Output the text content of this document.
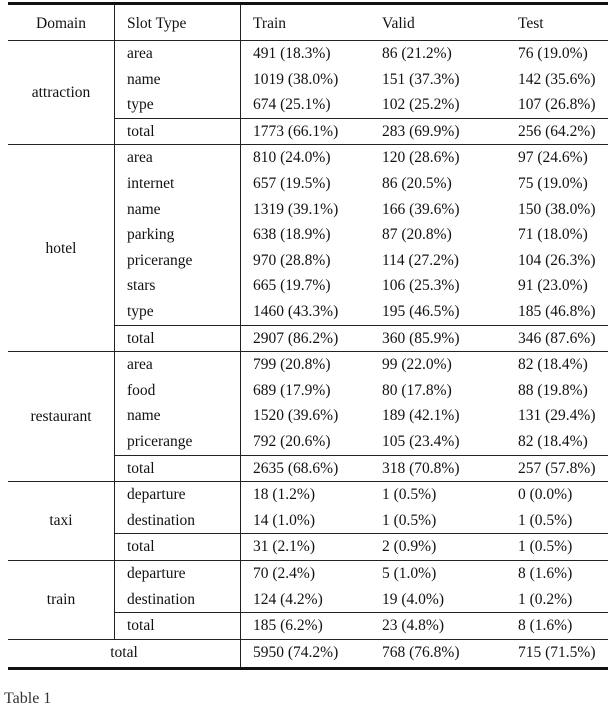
Domain	Slot Type	Train	Valid	Test
attraction	area	491 (18.3%)	86 (21.2%)	76 (19.0%)
	name	1019 (38.0%)	151 (37.3%)	142 (35.6%)
	type	674 (25.1%)	102 (25.2%)	107 (26.8%)
	total	1773 (66.1%)	283 (69.9%)	256 (64.2%)
hotel	area	810 (24.0%)	120 (28.6%)	97 (24.6%)
	internet	657 (19.5%)	86 (20.5%)	75 (19.0%)
	name	1319 (39.1%)	166 (39.6%)	150 (38.0%)
	parking	638 (18.9%)	87 (20.8%)	71 (18.0%)
	pricerange	970 (28.8%)	114 (27.2%)	104 (26.3%)
	stars	665 (19.7%)	106 (25.3%)	91 (23.0%)
	type	1460 (43.3%)	195 (46.5%)	185 (46.8%)
	total	2907 (86.2%)	360 (85.9%)	346 (87.6%)
restaurant	area	799 (20.8%)	99 (22.0%)	82 (18.4%)
	food	689 (17.9%)	80 (17.8%)	88 (19.8%)
	name	1520 (39.6%)	189 (42.1%)	131 (29.4%)
	pricerange	792 (20.6%)	105 (23.4%)	82 (18.4%)
	total	2635 (68.6%)	318 (70.8%)	257 (57.8%)
taxi	departure	18 (1.2%)	1 (0.5%)	0 (0.0%)
	destination	14 (1.0%)	1 (0.5%)	1 (0.5%)
	total	31 (2.1%)	2 (0.9%)	1 (0.5%)
train	departure	70 (2.4%)	5 (1.0%)	8 (1.6%)
	destination	124 (4.2%)	19 (4.0%)	1 (0.2%)
	total	185 (6.2%)	23 (4.8%)	8 (1.6%)
total		5950 (74.2%)	768 (76.8%)	715 (71.5%)
Table 1
